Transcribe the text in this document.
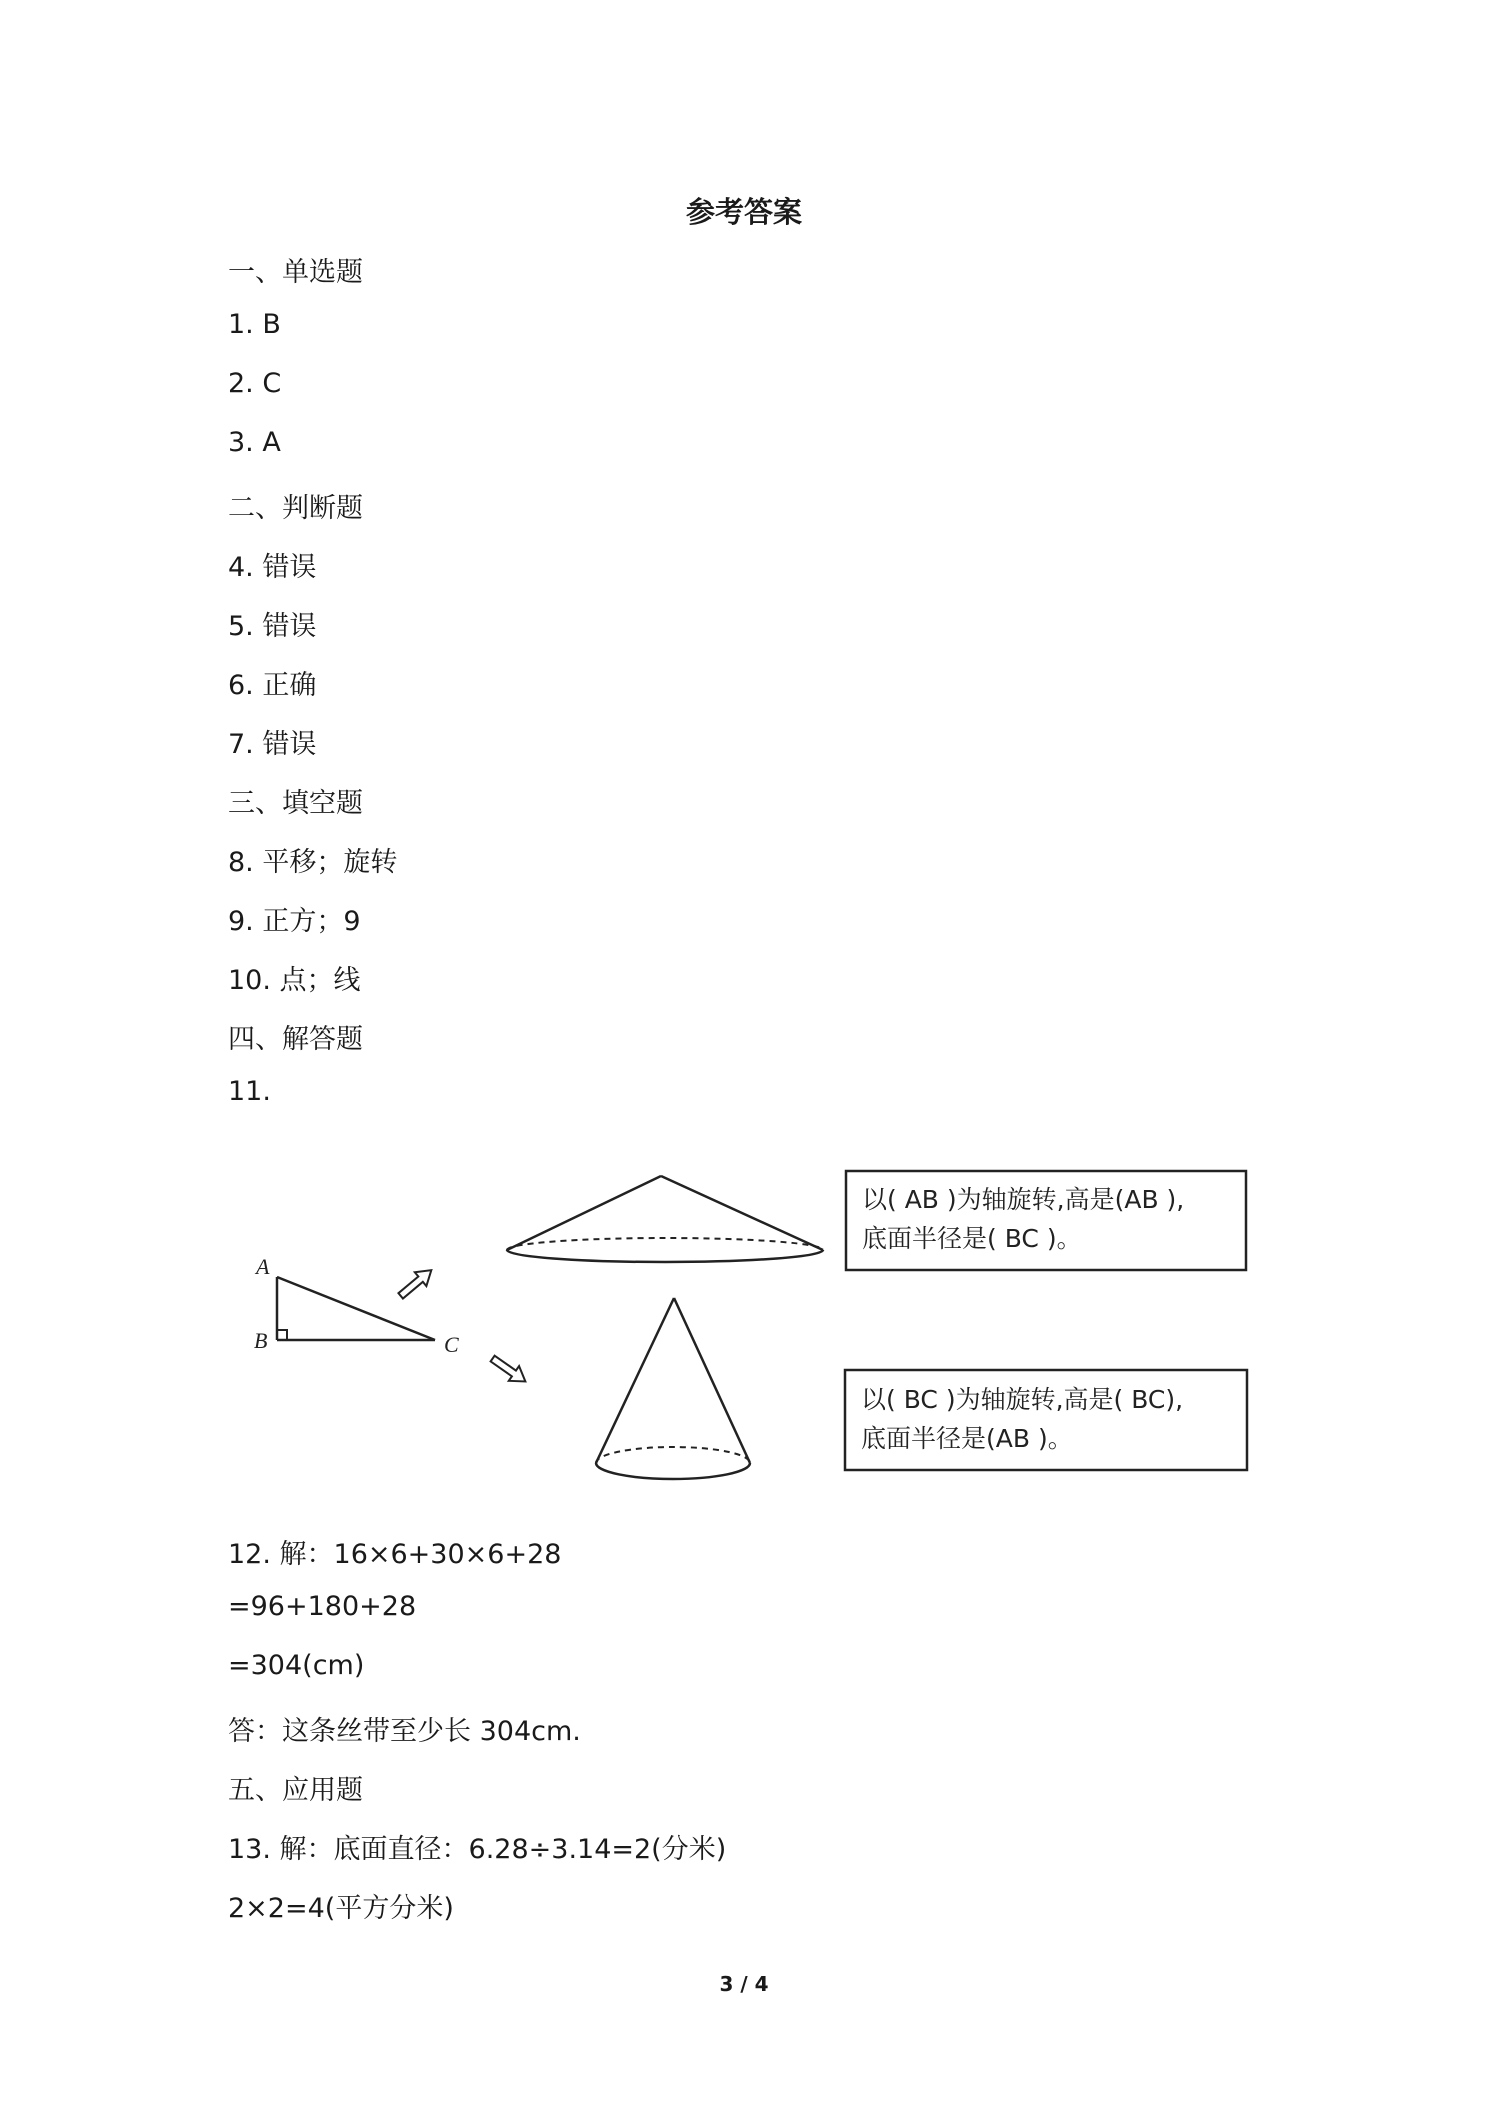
参考答案
一、单选题
1. B
2. C
3. A
二、判断题
4. 错误
5. 错误
6. 正确
7. 错误
三、填空题
8. 平移；旋转
9. 正方；9
10. 点；线
四、解答题
11.
A
B	C
以( AB )为轴旋转,高是(AB ),
底面半径是( BC )。
以( BC )为轴旋转,高是( BC),
底面半径是(AB )。
12. 解：16×6+30×6+28
=96+180+28
=304(cm)
答：这条丝带至少长 304cm.
五、应用题
13. 解：底面直径：6.28÷3.14=2(分米)
2×2=4(平方分米)
3 / 4
